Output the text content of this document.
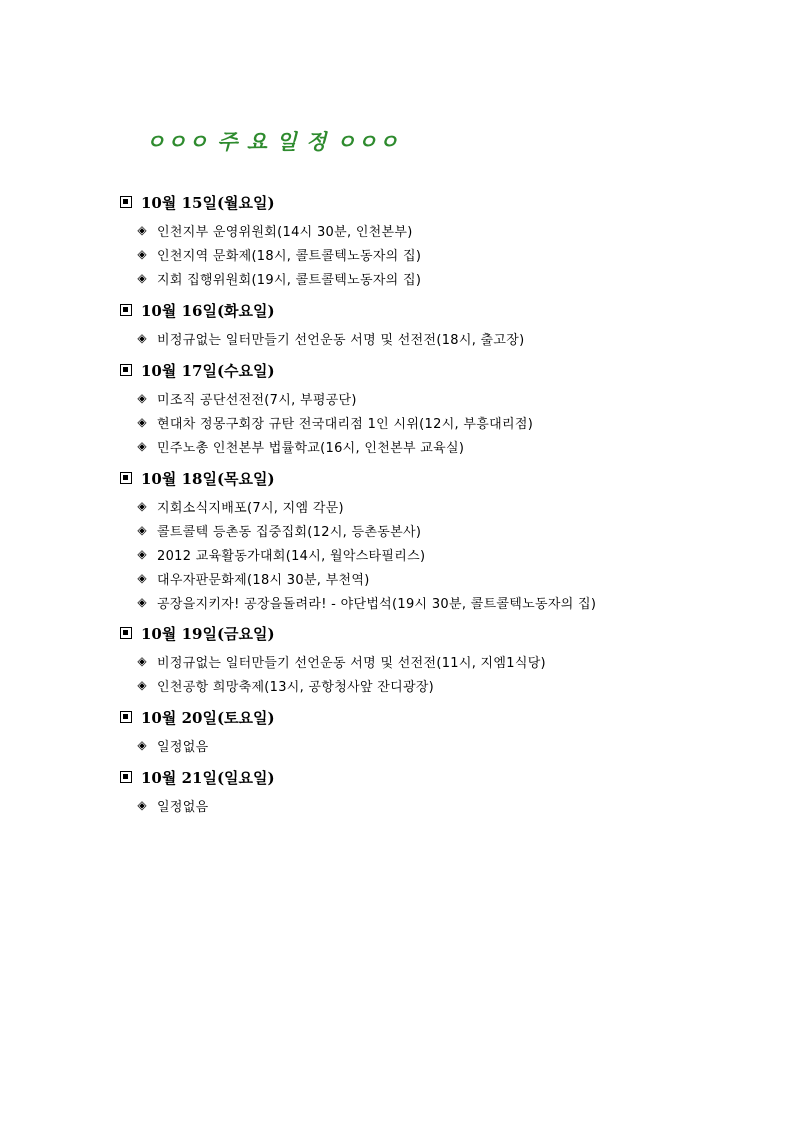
ㅇㅇㅇ 주 요 일 정 ㅇㅇㅇ
10월 15일(월요일)
◈ 인천지부 운영위원회(14시 30분, 인천본부)
◈ 인천지역 문화제(18시, 콜트콜텍노동자의 집)
◈ 지회 집행위원회(19시, 콜트콜텍노동자의 집)
10월 16일(화요일)
◈ 비정규없는 일터만들기 선언운동 서명 및 선전전(18시, 출고장)
10월 17일(수요일)
◈ 미조직 공단선전전(7시, 부평공단)
◈ 현대차 정몽구회장 규탄 전국대리점 1인 시위(12시, 부흥대리점)
◈ 민주노총 인천본부 법률학교(16시, 인천본부 교육실)
10월 18일(목요일)
◈ 지회소식지배포(7시, 지엠 각문)
◈ 콜트콜텍 등촌동 집중집회(12시, 등촌동본사)
◈ 2012 교육활동가대회(14시, 월악스타필리스)
◈ 대우자판문화제(18시 30분, 부천역)
◈ 공장을지키자! 공장을돌려라! - 야단법석(19시 30분, 콜트콜텍노동자의 집)
10월 19일(금요일)
◈ 비정규없는 일터만들기 선언운동 서명 및 선전전(11시, 지엠1식당)
◈ 인천공항 희망축제(13시, 공항청사앞 잔디광장)
10월 20일(토요일)
◈ 일정없음
10월 21일(일요일)
◈ 일정없음
